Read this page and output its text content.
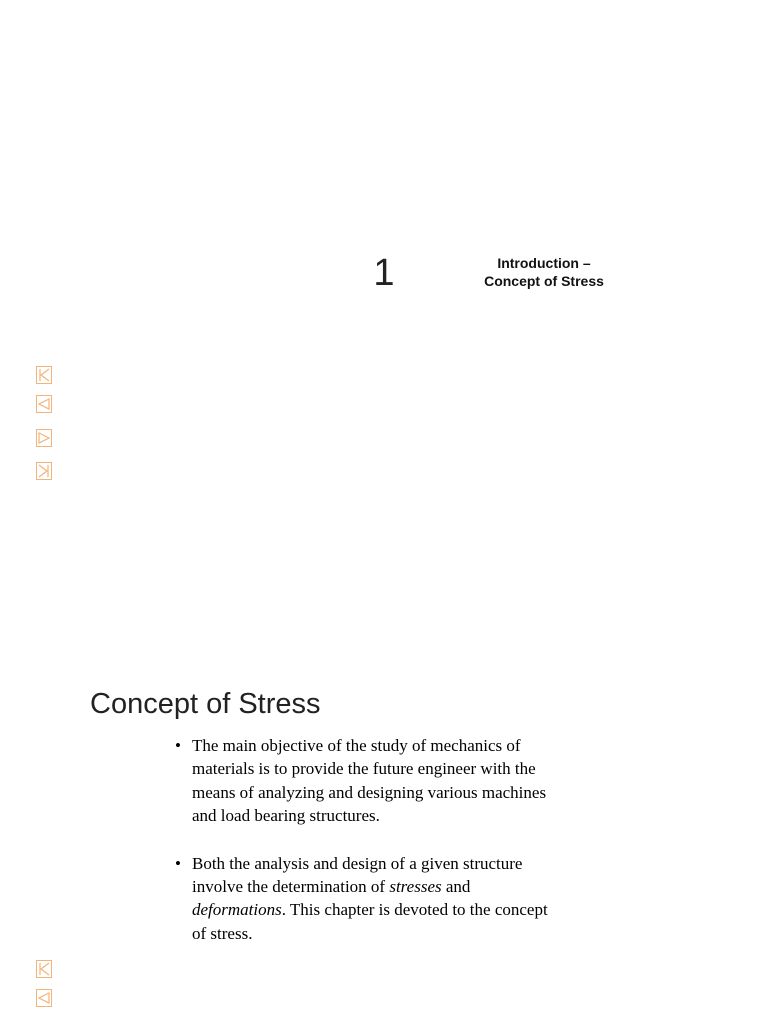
1	Introduction –
Concept of Stress
Concept of Stress
• The main objective of the study of mechanics of materials is to provide the future engineer with the means of analyzing and designing various machines and load bearing structures.
• Both the analysis and design of a given structure involve the determination of stresses and deformations. This chapter is devoted to the concept of stress.
